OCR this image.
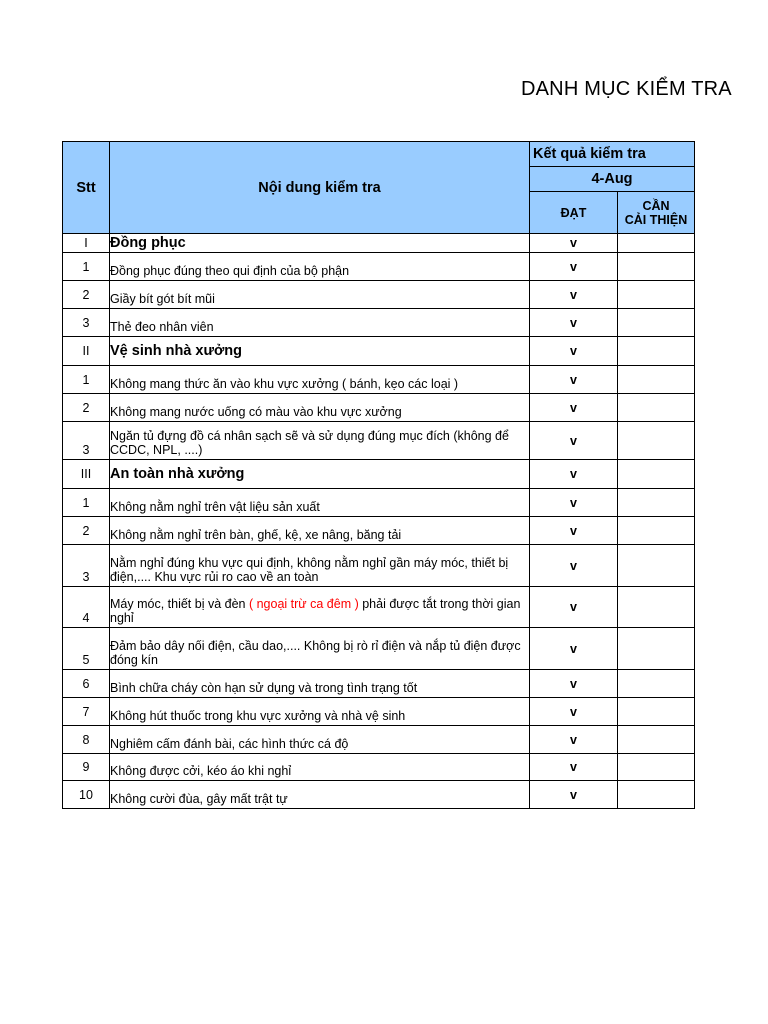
DANH MỤC KIỂM TRA
Stt	Nội dung kiểm tra	Kết quả kiểm tra	
		4-Aug	
		ĐẠT	CẦN
CẢI THIỆN
I	Đồng phục	v	
1	Đồng phục đúng theo qui định của bộ phận	v	
2	Giầy bít gót bít mũi	v	
3	Thẻ đeo nhân viên	v	
II	Vệ sinh nhà xưởng	v	
1	Không mang thức ăn vào khu vực xưởng ( bánh, kẹo các loại )	v	
2	Không mang nước uống có màu vào khu vực xưởng	v	
3	Ngăn tủ đựng đồ cá nhân sạch sẽ và sử dụng đúng mục đích (không để CCDC, NPL, ....)	v	
III	An toàn nhà xưởng	v	
1	Không nằm nghỉ trên vật liệu sản xuất	v	
2	Không nằm nghỉ trên bàn, ghế, kệ, xe nâng, băng tải	v	
3	Nằm nghỉ đúng khu vực qui định, không nằm nghỉ gần máy móc, thiết bị điện,.... Khu vực rủi ro cao về an toàn	v	
4	Máy móc, thiết bị và đèn ( ngoại trừ ca đêm ) phải được tắt trong thời gian nghỉ	v	
5	Đảm bảo dây nối điện, cầu dao,.... Không bị rò rỉ điện và nắp tủ điện được đóng kín	v	
6	Bình chữa cháy còn hạn sử dụng và trong tình trạng tốt	v	
7	Không hút thuốc trong khu vực xưởng và nhà vệ sinh	v	
8	Nghiêm cấm đánh bài, các hình thức cá độ	v	
9	Không được cởi, kéo áo khi nghỉ	v	
10	Không cười đùa, gây mất trật tự	v	
